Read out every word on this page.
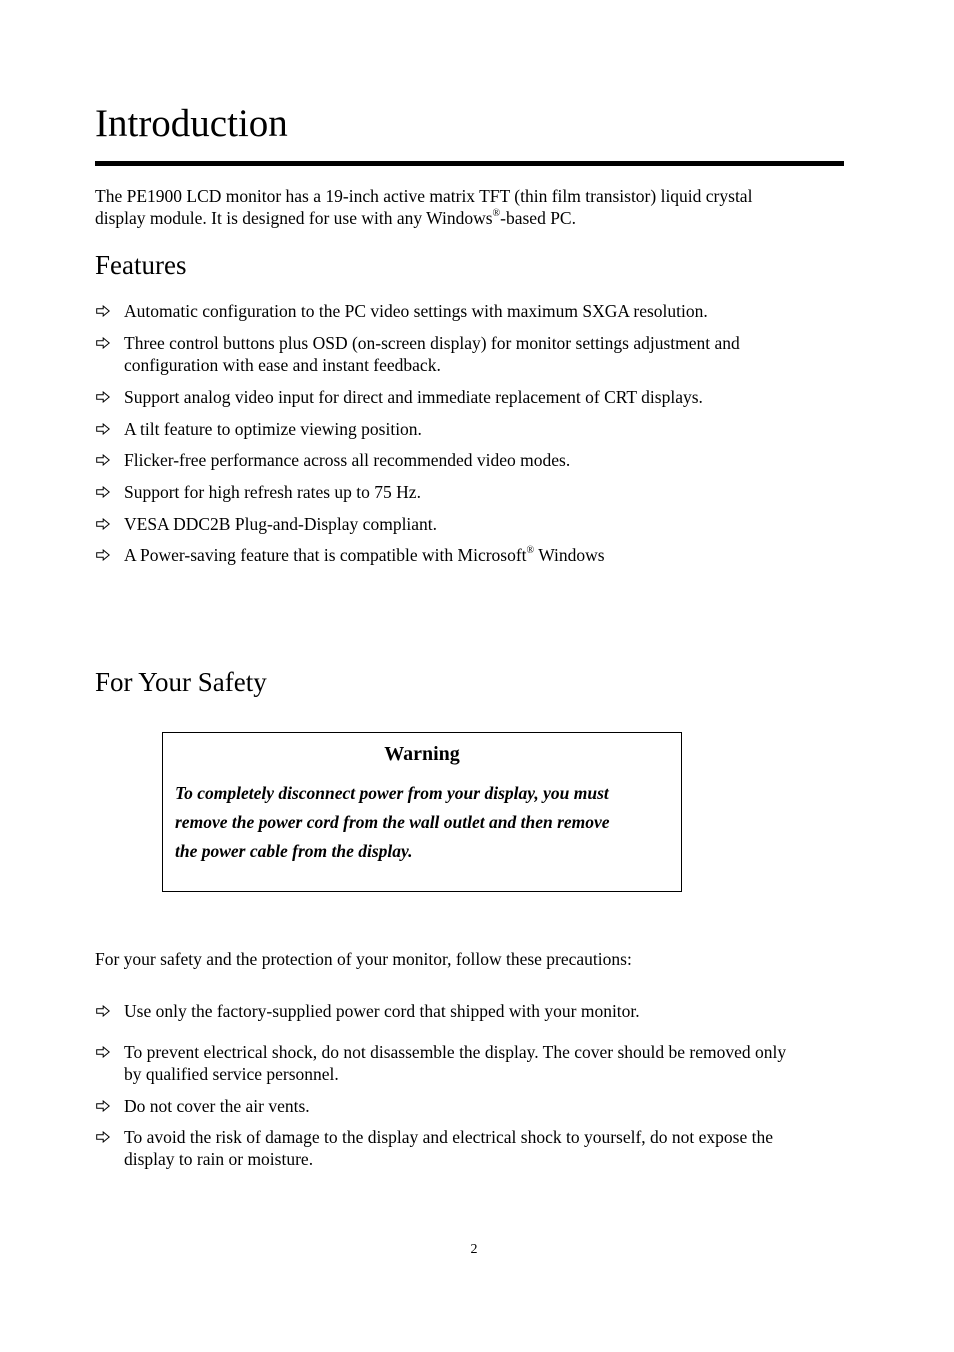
Introduction

The PE1900 LCD monitor has a 19-inch active matrix TFT (thin film transistor) liquid crystal
display module. It is designed for use with any Windows®-based PC.

Features
Automatic configuration to the PC video settings with maximum SXGA resolution.
Three control buttons plus OSD (on-screen display) for monitor settings adjustment and
configuration with ease and instant feedback.
Support analog video input for direct and immediate replacement of CRT displays.
A tilt feature to optimize viewing position.
Flicker-free performance across all recommended video modes.
Support for high refresh rates up to 75 Hz.
VESA DDC2B Plug-and-Display compliant.
A Power-saving feature that is compatible with Microsoft® Windows
For Your Safety
Warning
To completely disconnect power from your display, you must
remove the power cord from the wall outlet and then remove
the power cable from the display.

For your safety and the protection of your monitor, follow these precautions:

Use only the factory-supplied power cord that shipped with your monitor.
To prevent electrical shock, do not disassemble the display. The cover should be removed only
by qualified service personnel.
Do not cover the air vents.
To avoid the risk of damage to the display and electrical shock to yourself, do not expose the
display to rain or moisture.
2
